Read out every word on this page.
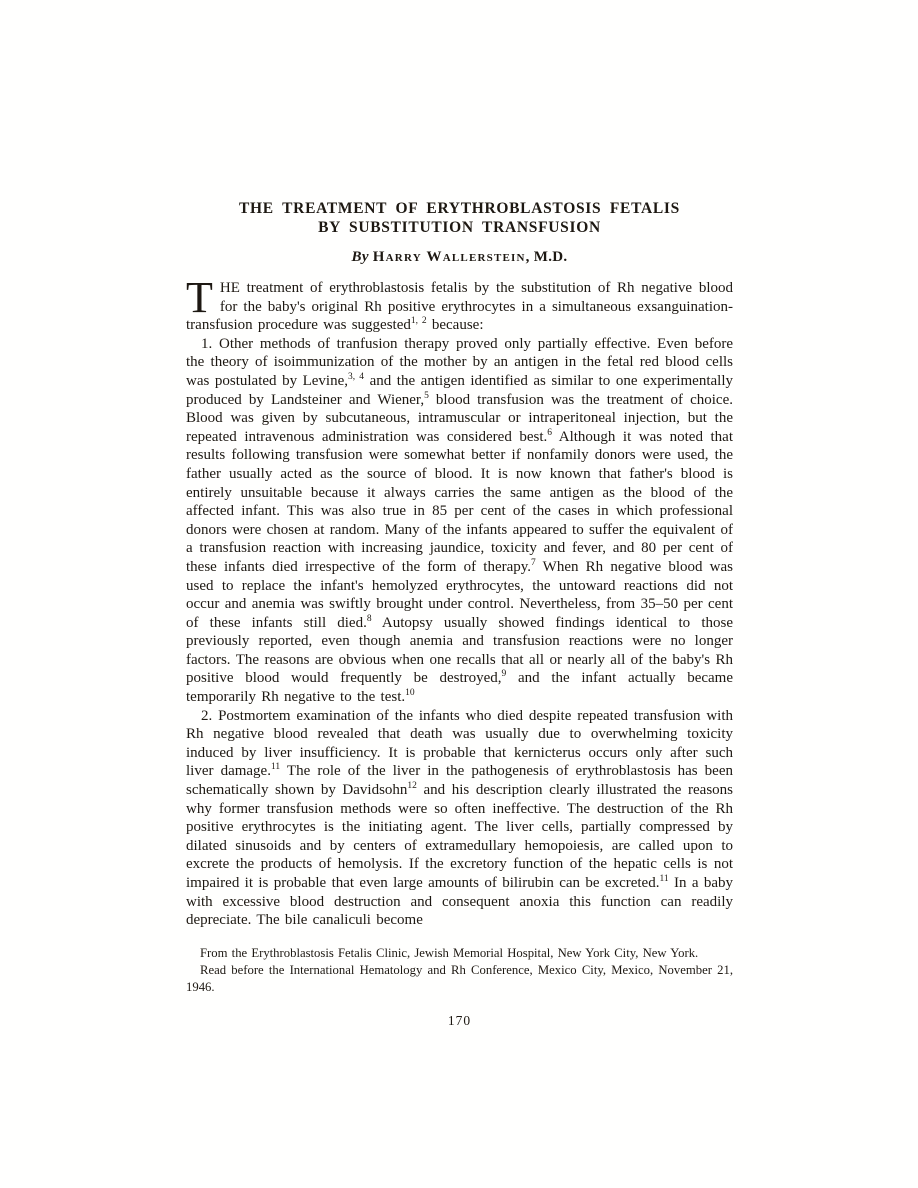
THE TREATMENT OF ERYTHROBLASTOSIS FETALIS
BY SUBSTITUTION TRANSFUSION
By Harry Wallerstein, M.D.

THE treatment of erythroblastosis fetalis by the substitution of Rh negative blood for the baby's original Rh positive erythrocytes in a simultaneous exsanguination-transfusion procedure was suggested$^{1, 2}$ because:

1. Other methods of tranfusion therapy proved only partially effective. Even before the theory of isoimmunization of the mother by an antigen in the fetal red blood cells was postulated by Levine,$^{3, 4}$ and the antigen identified as similar to one experimentally produced by Landsteiner and Wiener,$^5$ blood transfusion was the treatment of choice. Blood was given by subcutaneous, intramuscular or intraperitoneal injection, but the repeated intravenous administration was considered best.$^6$ Although it was noted that results following transfusion were somewhat better if nonfamily donors were used, the father usually acted as the source of blood. It is now known that father's blood is entirely unsuitable because it always carries the same antigen as the blood of the affected infant. This was also true in 85 per cent of the cases in which professional donors were chosen at random. Many of the infants appeared to suffer the equivalent of a transfusion reaction with increasing jaundice, toxicity and fever, and 80 per cent of these infants died irrespective of the form of therapy.$^7$ When Rh negative blood was used to replace the infant's hemolyzed erythrocytes, the untoward reactions did not occur and anemia was swiftly brought under control. Nevertheless, from 35–50 per cent of these infants still died.$^8$ Autopsy usually showed findings identical to those previously reported, even though anemia and transfusion reactions were no longer factors. The reasons are obvious when one recalls that all or nearly all of the baby's Rh positive blood would frequently be destroyed,$^9$ and the infant actually became temporarily Rh negative to the test.$^{10}$

2. Postmortem examination of the infants who died despite repeated transfusion with Rh negative blood revealed that death was usually due to overwhelming toxicity induced by liver insufficiency. It is probable that kernicterus occurs only after such liver damage.$^{11}$ The role of the liver in the pathogenesis of erythroblastosis has been schematically shown by Davidsohn$^{12}$ and his description clearly illustrated the reasons why former transfusion methods were so often ineffective. The destruction of the Rh positive erythrocytes is the initiating agent. The liver cells, partially compressed by dilated sinusoids and by centers of extramedullary hemopoiesis, are called upon to excrete the products of hemolysis. If the excretory function of the hepatic cells is not impaired it is probable that even large amounts of bilirubin can be excreted.$^{11}$ In a baby with excessive blood destruction and consequent anoxia this function can readily depreciate. The bile canaliculi become

From the Erythroblastosis Fetalis Clinic, Jewish Memorial Hospital, New York City, New York.

Read before the International Hematology and Rh Conference, Mexico City, Mexico, November 21, 1946.

170
